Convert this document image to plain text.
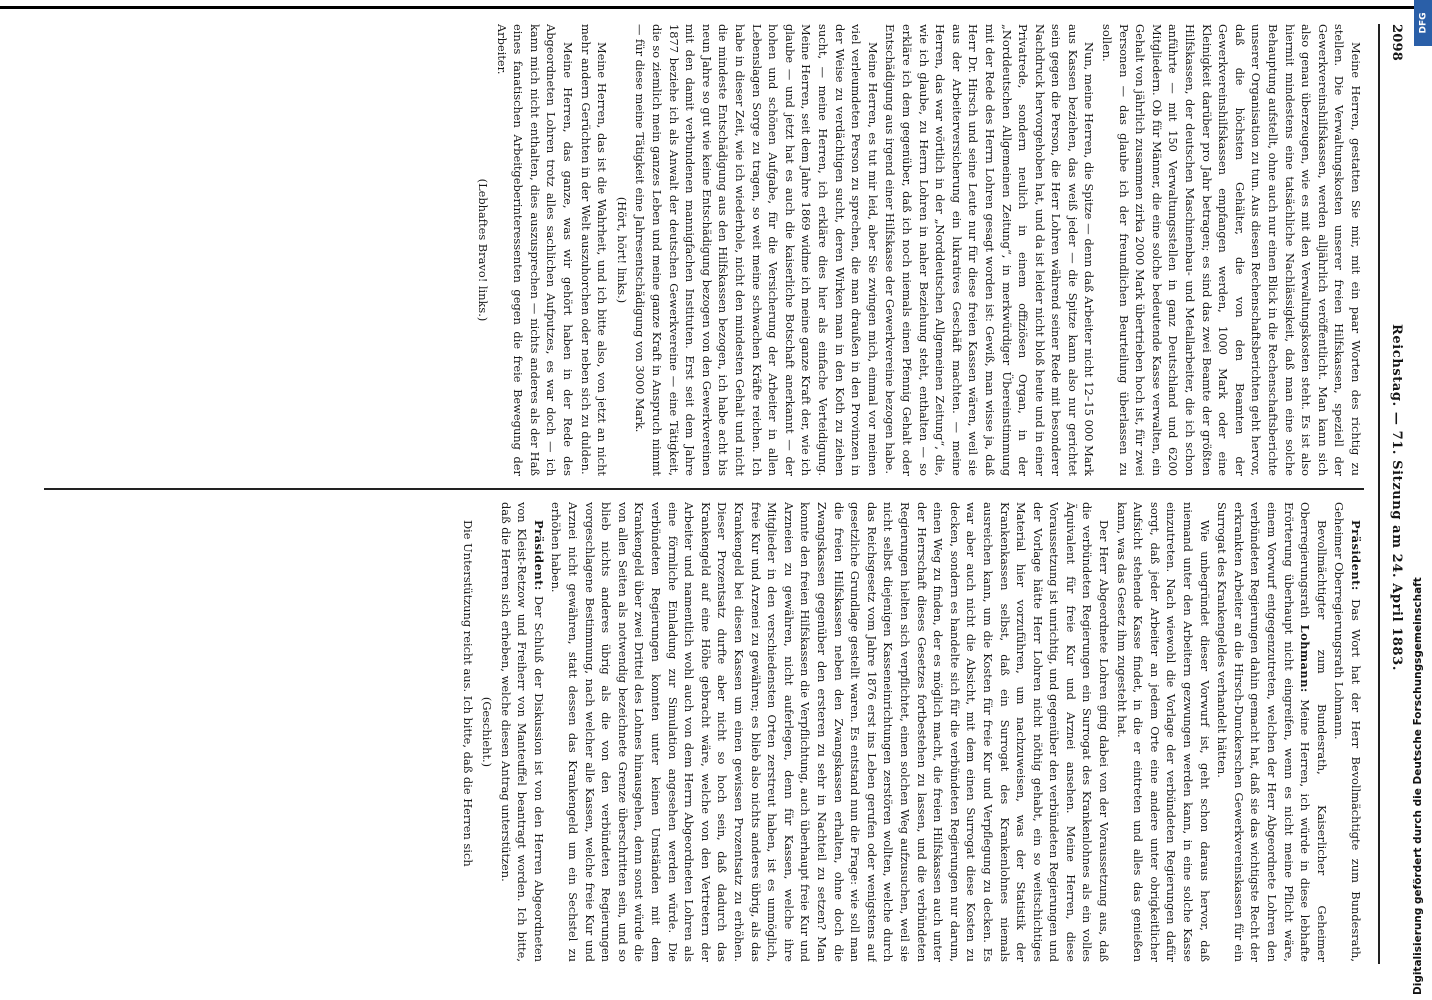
2098
Reichstag. — 71. Sitzung am 24. April 1883.

Meine Herren, gestatten Sie mir, mit ein paar Worten des richtig zu stellen. Die Verwaltungskosten unserer freien Hilfskassen, speziell der Gewerkvereinshilfskassen, werden alljährlich veröffentlicht. Man kann sich also genau überzeugen, wie es mit den Verwaltungskosten steht. Es ist also hiermit mindestens eine tatsächliche Nachlässigkeit, daß man eine solche Behauptung aufstellt, ohne auch nur einen Blick in die Rechenschaftsberichte unserer Organisation zu tun. Aus diesen Rechenschaftsberichten geht hervor, daß die höchsten Gehälter, die von den Beamten der Gewerkvereinshilfskassen empfangen werden, 1000 Mark oder eine Kleinigkeit darüber pro Jahr betragen; es sind das zwei Beamte der größten Hilfskassen, der deutschen Maschinenbau- und Metallarbeiter, die ich schon anführte — mit 150 Verwaltungsstellen in ganz Deutschland und 6200 Mitgliedern. Ob für Männer, die eine solche bedeutende Kasse verwalten, ein Gehalt von jährlich zusammen zirka 2000 Mark übertrieben hoch ist, für zwei Personen — das glaube ich der freundlichen Beurteilung überlassen zu sollen.

Nun, meine Herren, die Spitze — denn daß Arbeiter nicht 12–15 000 Mark aus Kassen beziehen, das weiß jeder — die Spitze kann also nur gerichtet sein gegen die Person, die Herr Lohren während seiner Rede mit besonderer Nachdruck hervorgehoben hat, und da ist leider nicht bloß heute und in einer Privatrede, sondern neulich in einem offiziösen Organ, in der „Norddeutschen Allgemeinen Zeitung“, in merkwürdiger Übereinstimmung mit der Rede des Herrn Lohren gesagt worden ist: Gewiß, man wisse ja, daß Herr Dr. Hirsch und seine Leute nur für diese freien Kassen wären, weil sie aus der Arbeiterversicherung ein lukratives Geschäft machten. — meine Herren, das war wörtlich in der „Norddeutschen Allgemeinen Zeitung“, die, wie ich glaube, zu Herrn Lohren in naher Beziehung steht, enthalten — so erkläre ich dem gegenüber, daß ich noch niemals einen Pfennig Gehalt oder Entschädigung aus irgend einer Hilfskasse der Gewerkvereine bezogen habe.

Meine Herren, es tut mir leid, aber Sie zwingen mich, einmal vor meinen viel verleumdeten Person zu sprechen, die man draußen in den Provinzen in der Weise zu verdächtigen sucht, deren Wirken man in den Koth zu ziehen sucht, — meine Herren, ich erkläre dies hier als einfache Verteidigung. Meine Herren, seit dem Jahre 1869 widme ich meine ganze Kraft der, wie ich glaube — und jetzt hat es auch die kaiserliche Botschaft anerkannt — der hohen und schönen Aufgabe, für die Versicherung der Arbeiter in allen Lebenslagen Sorge zu tragen, so weit meine schwachen Kräfte reichen. Ich habe in dieser Zeit, wie ich wiederhole, nicht den mindesten Gehalt und nicht die mindeste Entschädigung aus den Hilfskassen bezogen, ich habe acht bis neun Jahre so gut wie keine Entschädigung bezogen von den Gewerkvereinen mit den damit verbundenen mannigfachen Instituten. Erst seit dem Jahre 1877 beziehe ich als Anwalt der deutschen Gewerkvereine — eine Tätigkeit, die so ziemlich mein ganzes Leben und meine ganze Kraft in Anspruch nimmt — für diese meine Tätigkeit eine Jahresentschädigung von 3000 Mark.

(Hört, hört! links.)

Meine Herren, das ist die Wahrheit, und ich bitte also, von jetzt an nicht mehr andern Gerüchten in der Welt auszuhorchen oder neben sich zu dulden.

Meine Herren, das ganze, was wir gehört haben in der Rede des Abgeordneten Lohren trotz alles sachlichen Aufputzes, es war doch — ich kann mich nicht enthalten, dies auszusprechen — nichts anderes als der Haß eines fanatischen Arbeitgeberinteressenten gegen die freie Bewegung der Arbeiter.

(Lebhaftes Bravo! links.)

Präsident: Das Wort hat der Herr Bevollmächtigte zum Bundesrath, Geheimer Oberregierungsrath Lohmann.

Bevollmächtigter zum Bundesrath, Kaiserlicher Geheimer Oberregierungsrath Lohmann: Meine Herren, ich würde in diese lebhafte Erörterung überhaupt nicht eingreifen, wenn es nicht meine Pflicht wäre, einem Vorwurf entgegenzutreten, welchen der Herr Abgeordnete Lohren den verbündeten Regierungen dahin gemacht hat, daß sie das wichtigste Recht der erkrankten Arbeiter an die Hirsch-Dunckerschen Gewerkvereinskassen für ein Surrogat des Krankengeldes verhandelt hätten.

Wie unbegründet dieser Vorwurf ist, geht schon daraus hervor, daß niemand unter den Arbeitern gezwungen werden kann, in eine solche Kasse einzutreten. Nach wiewohl die Vorlage der verbündeten Regierungen dafür sorgt, daß jeder Arbeiter an jedem Orte eine andere unter obrigkeitlicher Aufsicht stehende Kasse findet, in die er eintreten und alles das genießen kann, was das Gesetz ihm zugesteht hat.

Der Herr Abgeordnete Lohren ging dabei von der Voraussetzung aus, daß die verbündeten Regierungen ein Surrogat des Krankenlohnes als ein volles Äquivalent für freie Kur und Arznei ansehen. Meine Herren, diese Voraussetzung ist unrichtig, und gegenüber den verbündeten Regierungen und der Vorlage hätte Herr Lohren nicht nöthig gehabt, ein so weitschichtiges Material hier vorzuführen, um nachzuweisen, was der Statistik der Krankenkassen selbst, daß ein Surrogat des Krankenlohnes niemals ausreichen kann, um die Kosten für freie Kur und Verpflegung zu decken. Es war aber auch nicht die Absicht, mit dem einen Surrogat diese Kosten zu decken, sondern es handelte sich für die verbündeten Regierungen nur darum, einen Weg zu finden, der es möglich macht, die freien Hilfskassen auch unter der Herrschaft dieses Gesetzes fortbestehen zu lassen, und die verbündeten Regierungen hielten sich verpflichtet, einen solchen Weg aufzusuchen, weil sie nicht selbst diejenigen Kasseneinrichtungen zerstören wollten, welche durch das Reichsgesetz vom Jahre 1876 erst ins Leben gerufen oder wenigstens auf gesetzliche Grundlage gestellt waren. Es entstand nun die Frage: wie soll man die freien Hilfskassen neben den Zwangskassen erhalten, ohne doch die Zwangskassen gegenüber den ersteren zu sehr in Nachteil zu setzen? Man konnte den freien Hilfskassen die Verpflichtung, auch überhaupt freie Kur und Arzneien zu gewähren, nicht auferlegen, denn für Kassen, welche ihre Mitglieder in den verschiedensten Orten zerstreut haben, ist es unmöglich, freie Kur und Arzenei zu gewähren; es blieb also nichts anderes übrig, als das Krankengeld bei diesen Kassen um einen gewissen Prozentsatz zu erhöhen. Dieser Prozentsatz durfte aber nicht so hoch sein, daß dadurch das Krankengeld auf eine Höhe gebracht wäre, welche von den Vertretern der Arbeiter und namentlich wohl auch von dem Herrn Abgeordneten Lohren als eine förmliche Einladung zur Simulation angesehen werden würde. Die verbündeten Regierungen konnten unter keinen Umständen mit dem Krankengeld über zwei Drittel des Lohnes hinausgehen, denn sonst würde die von allen Seiten als notwendig bezeichnete Grenze überschritten sein, und so blieb nichts anderes übrig als die von den verbündeten Regierungen vorgeschlagene Bestimmung, nach welcher alle Kassen, welche freie Kur und Arznei nicht gewähren, statt dessen das Krankengeld um ein Sechstel zu erhöhen haben.

Präsident: Der Schluß der Diskussion ist von den Herren Abgeordneten von Kleist-Retzow und Freiherr von Manteuffel beantragt worden. Ich bitte, daß die Herren sich erheben, welche diesen Antrag unterstützen.

(Geschieht.)

Die Unterstützung reicht aus. Ich bitte, daß die Herren sich	Digitalisierung gefördert durch die Deutsche Forschungsgemeinschaft
DFG
